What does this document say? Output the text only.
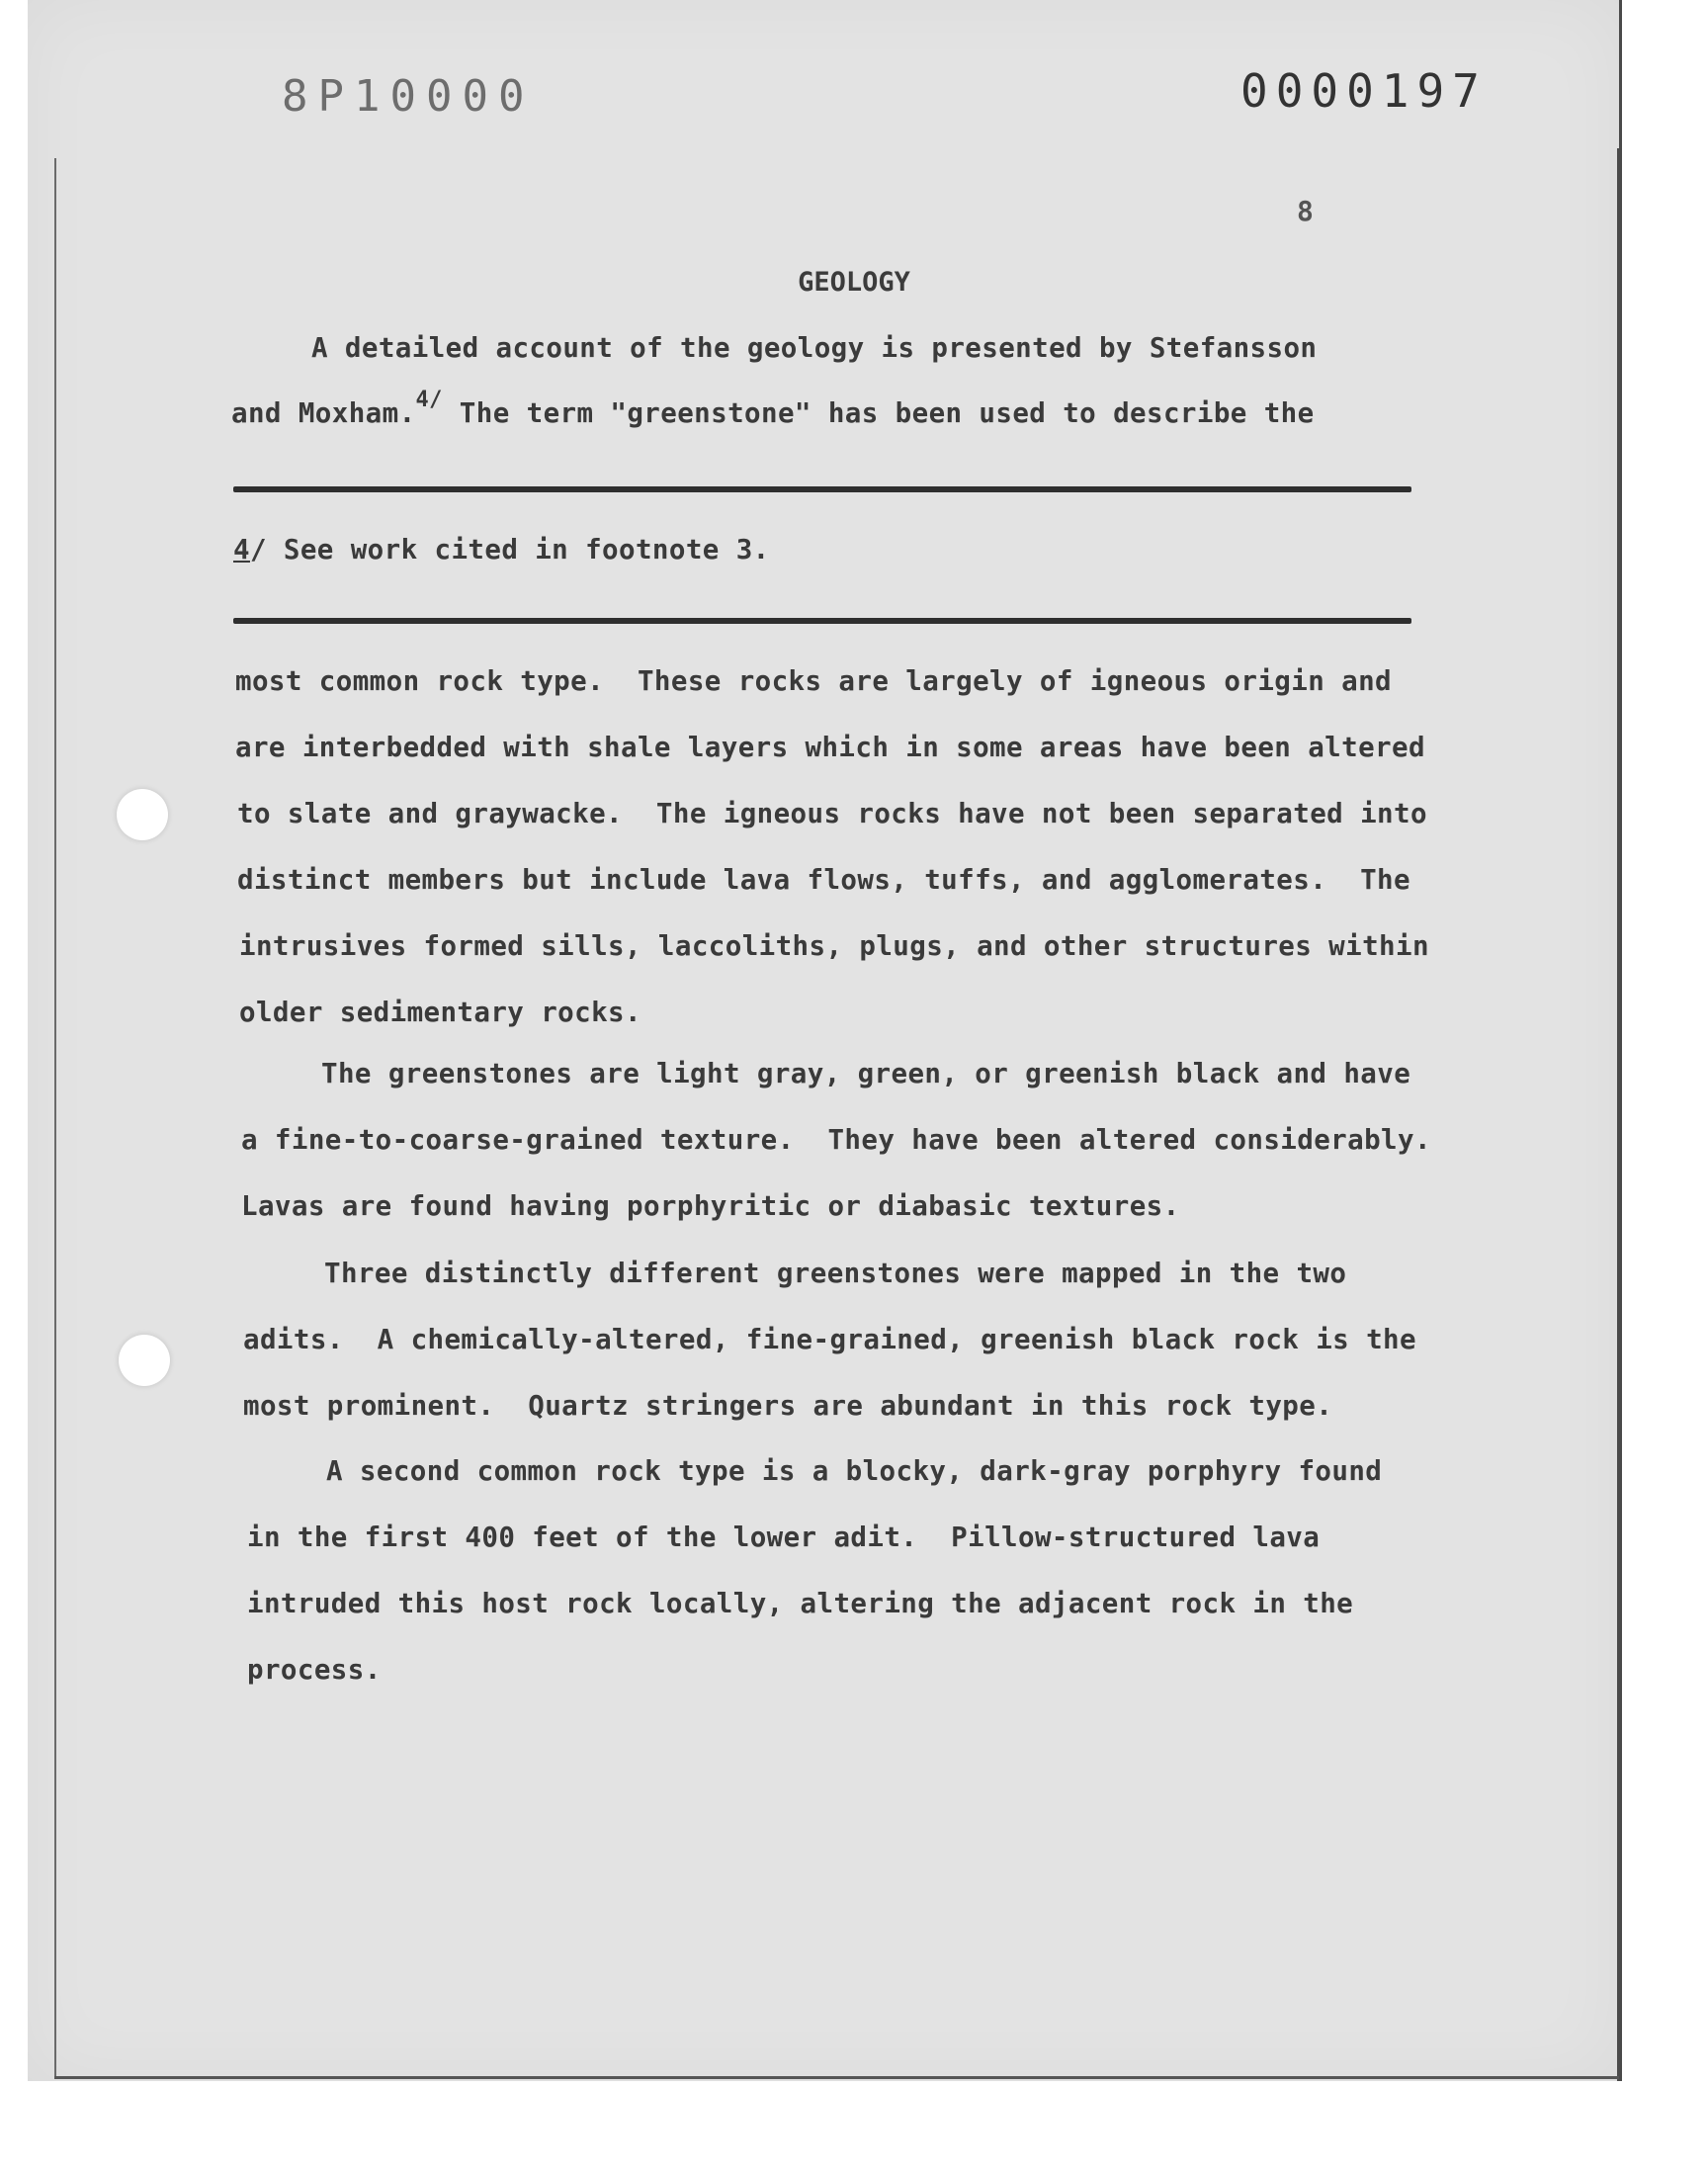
8P10000	0000197
8
GEOLOGY
A detailed account of the geology is presented by Stefansson
and Moxham.$^{4/}$ The term "greenstone" has been used to describe the
4/ See work cited in footnote 3.
most common rock type.  These rocks are largely of igneous origin and
are interbedded with shale layers which in some areas have been altered
to slate and graywacke.  The igneous rocks have not been separated into
distinct members but include lava flows, tuffs, and agglomerates.  The
intrusives formed sills, laccoliths, plugs, and other structures within
older sedimentary rocks.
The greenstones are light gray, green, or greenish black and have
a fine-to-coarse-grained texture.  They have been altered considerably.
Lavas are found having porphyritic or diabasic textures.
Three distinctly different greenstones were mapped in the two
adits.  A chemically-altered, fine-grained, greenish black rock is the
most prominent.  Quartz stringers are abundant in this rock type.
A second common rock type is a blocky, dark-gray porphyry found
in the first 400 feet of the lower adit.  Pillow-structured lava
intruded this host rock locally, altering the adjacent rock in the
process.
